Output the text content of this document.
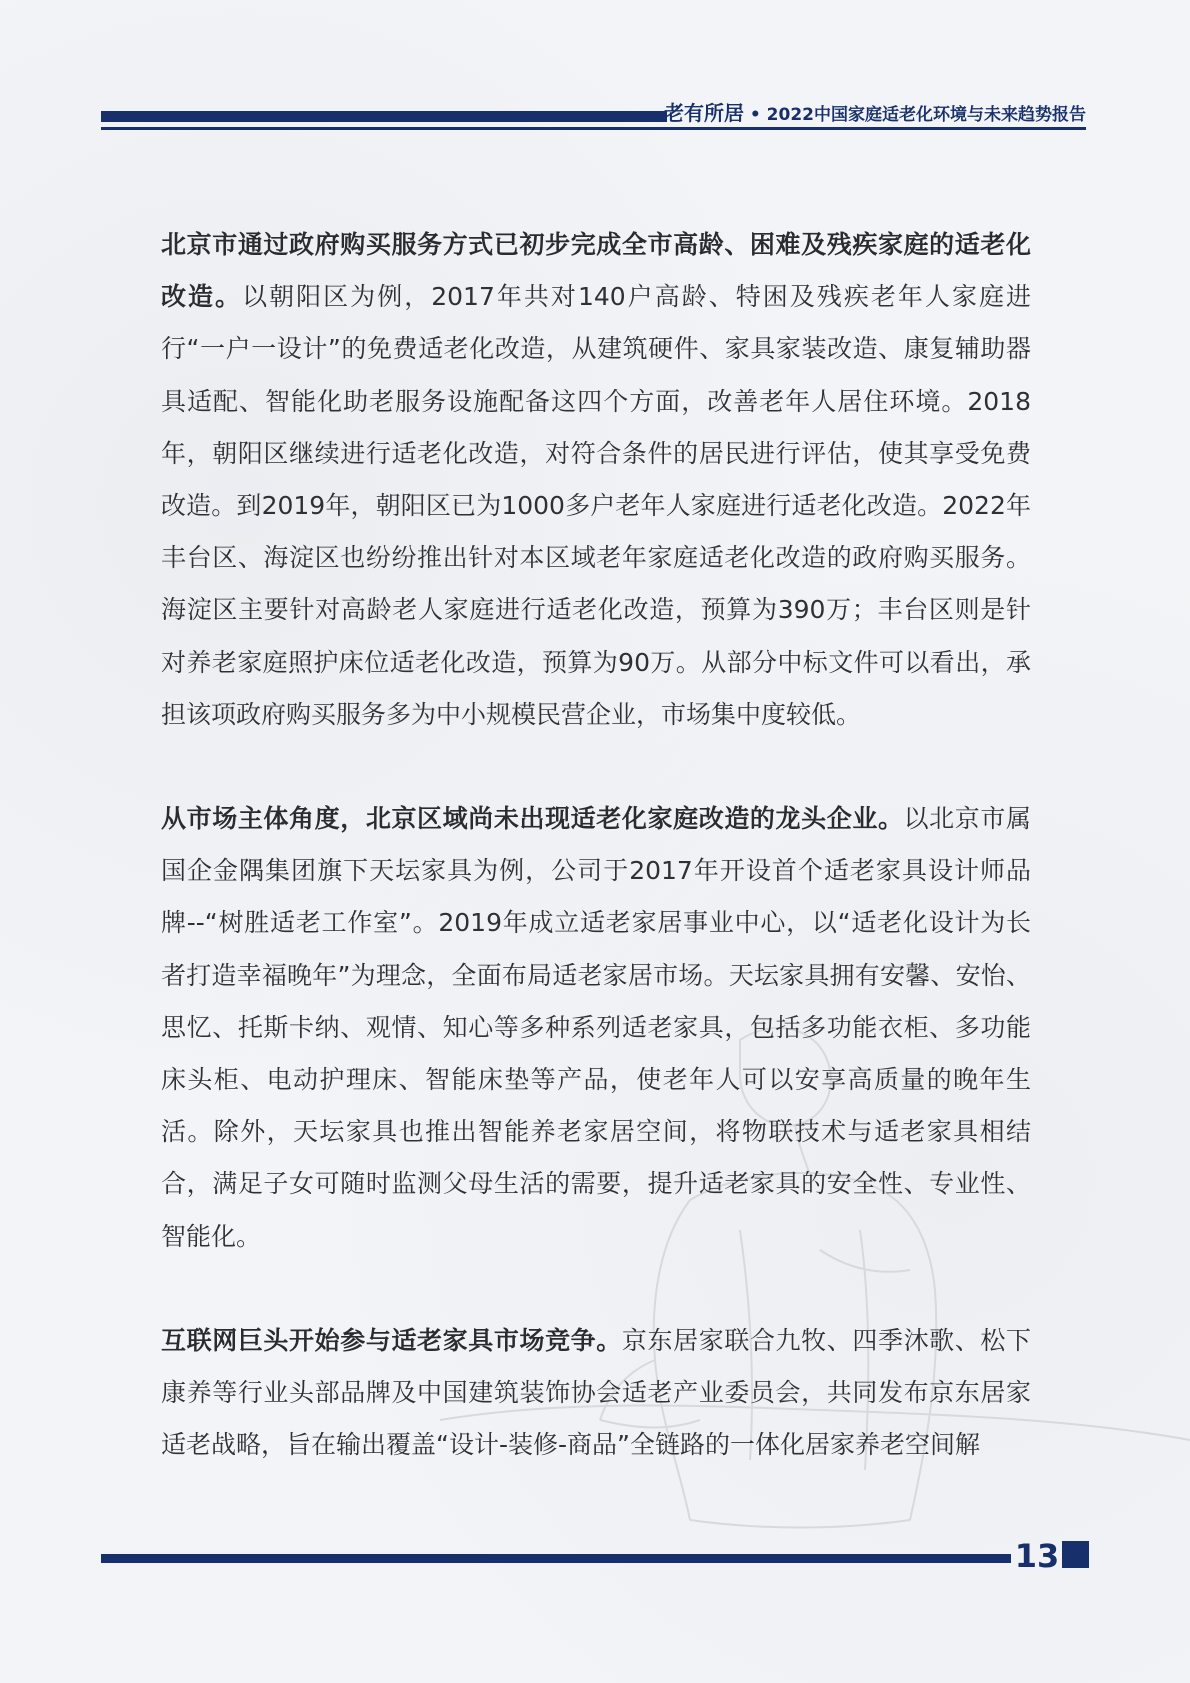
老有所居 • 2022中国家庭适老化环境与未来趋势报告

北京市通过政府购买服务方式已初步完成全市高龄、困难及残疾家庭的适老化改造。以朝阳区为例，2017年共对140户高龄、特困及残疾老年人家庭进行“一户一设计”的免费适老化改造，从建筑硬件、家具家装改造、康复辅助器具适配、智能化助老服务设施配备这四个方面，改善老年人居住环境。2018年，朝阳区继续进行适老化改造，对符合条件的居民进行评估，使其享受免费改造。到2019年，朝阳区已为1000多户老年人家庭进行适老化改造。2022年丰台区、海淀区也纷纷推出针对本区域老年家庭适老化改造的政府购买服务。海淀区主要针对高龄老人家庭进行适老化改造，预算为390万；丰台区则是针对养老家庭照护床位适老化改造，预算为90万。从部分中标文件可以看出，承担该项政府购买服务多为中小规模民营企业，市场集中度较低。

从市场主体角度，北京区域尚未出现适老化家庭改造的龙头企业。以北京市属国企金隅集团旗下天坛家具为例，公司于2017年开设首个适老家具设计师品牌--“树胜适老工作室”。2019年成立适老家居事业中心，以“适老化设计为长者打造幸福晚年”为理念，全面布局适老家居市场。天坛家具拥有安馨、安怡、思忆、托斯卡纳、观情、知心等多种系列适老家具，包括多功能衣柜、多功能床头柜、电动护理床、智能床垫等产品，使老年人可以安享高质量的晚年生活。除外，天坛家具也推出智能养老家居空间，将物联技术与适老家具相结合，满足子女可随时监测父母生活的需要，提升适老家具的安全性、专业性、智能化。

互联网巨头开始参与适老家具市场竞争。京东居家联合九牧、四季沐歌、松下康养等行业头部品牌及中国建筑装饰协会适老产业委员会，共同发布京东居家适老战略，旨在输出覆盖“设计-装修-商品”全链路的一体化居家养老空间解

13
